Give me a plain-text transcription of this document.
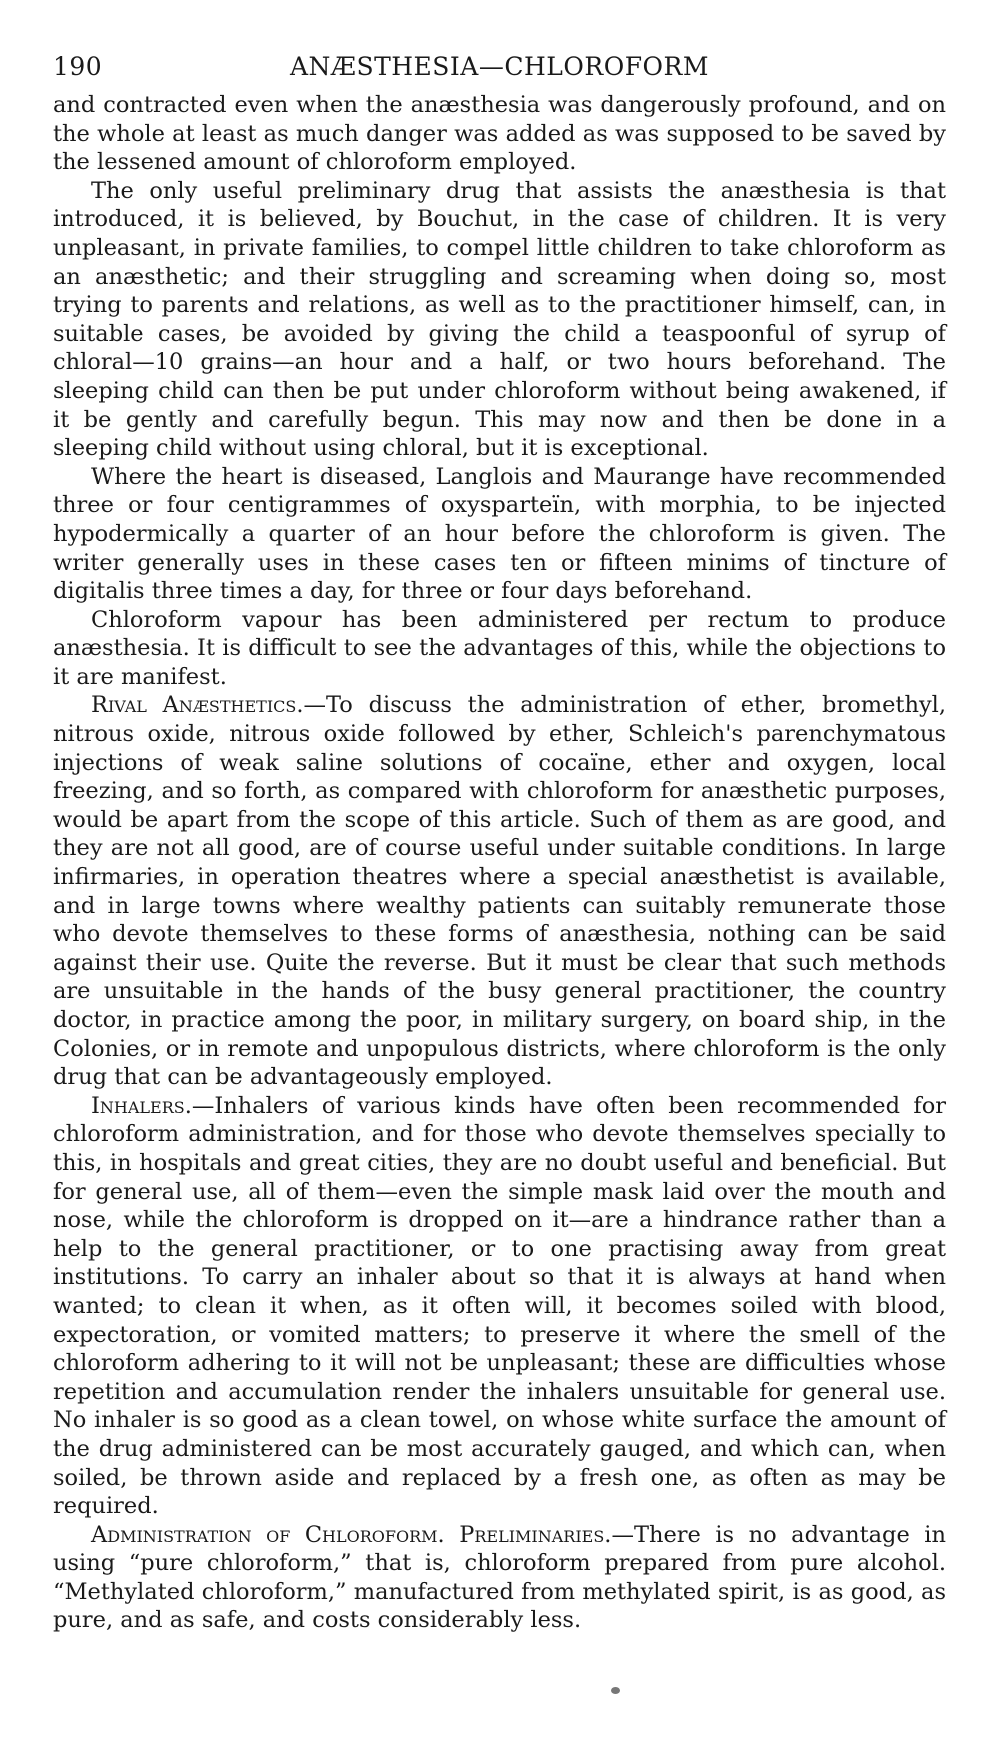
190	ANÆSTHESIA—CHLOROFORM

and contracted even when the anæsthesia was dangerously profound, and on the whole at least as much danger was added as was supposed to be saved by the lessened amount of chloroform employed.

The only useful preliminary drug that assists the anæsthesia is that introduced, it is believed, by Bouchut, in the case of children. It is very unpleasant, in private families, to compel little children to take chloroform as an anæsthetic; and their struggling and screaming when doing so, most trying to parents and relations, as well as to the practitioner himself, can, in suitable cases, be avoided by giving the child a teaspoonful of syrup of chloral—10 grains—an hour and a half, or two hours beforehand. The sleeping child can then be put under chloroform without being awakened, if it be gently and carefully begun. This may now and then be done in a sleeping child without using chloral, but it is exceptional.

Where the heart is diseased, Langlois and Maurange have recommended three or four centigrammes of oxyspartеïn, with morphia, to be injected hypodermically a quarter of an hour before the chloroform is given. The writer generally uses in these cases ten or fifteen minims of tincture of digitalis three times a day, for three or four days beforehand.

Chloroform vapour has been administered per rectum to produce anæsthesia. It is difficult to see the advantages of this, while the objections to it are manifest.

Rival Anæsthetics.—To discuss the administration of ether, bromethyl, nitrous oxide, nitrous oxide followed by ether, Schleich's parenchymatous injections of weak saline solutions of cocaïne, ether and oxygen, local freezing, and so forth, as compared with chloroform for anæsthetic purposes, would be apart from the scope of this article. Such of them as are good, and they are not all good, are of course useful under suitable conditions. In large infirmaries, in operation theatres where a special anæsthetist is available, and in large towns where wealthy patients can suitably remunerate those who devote themselves to these forms of anæsthesia, nothing can be said against their use. Quite the reverse. But it must be clear that such methods are unsuitable in the hands of the busy general practitioner, the country doctor, in practice among the poor, in military surgery, on board ship, in the Colonies, or in remote and unpopulous districts, where chloroform is the only drug that can be advantageously employed.

Inhalers.—Inhalers of various kinds have often been recommended for chloroform administration, and for those who devote themselves specially to this, in hospitals and great cities, they are no doubt useful and beneficial. But for general use, all of them—even the simple mask laid over the mouth and nose, while the chloroform is dropped on it—are a hindrance rather than a help to the general practitioner, or to one practising away from great institutions. To carry an inhaler about so that it is always at hand when wanted; to clean it when, as it often will, it becomes soiled with blood, expectoration, or vomited matters; to preserve it where the smell of the chloroform adhering to it will not be unpleasant; these are difficulties whose repetition and accumulation render the inhalers unsuitable for general use. No inhaler is so good as a clean towel, on whose white surface the amount of the drug administered can be most accurately gauged, and which can, when soiled, be thrown aside and replaced by a fresh one, as often as may be required.

Administration of Chloroform. Preliminaries.—There is no advantage in using “pure chloroform,” that is, chloroform prepared from pure alcohol. “Methylated chloroform,” manufactured from methylated spirit, is as good, as pure, and as safe, and costs considerably less.
